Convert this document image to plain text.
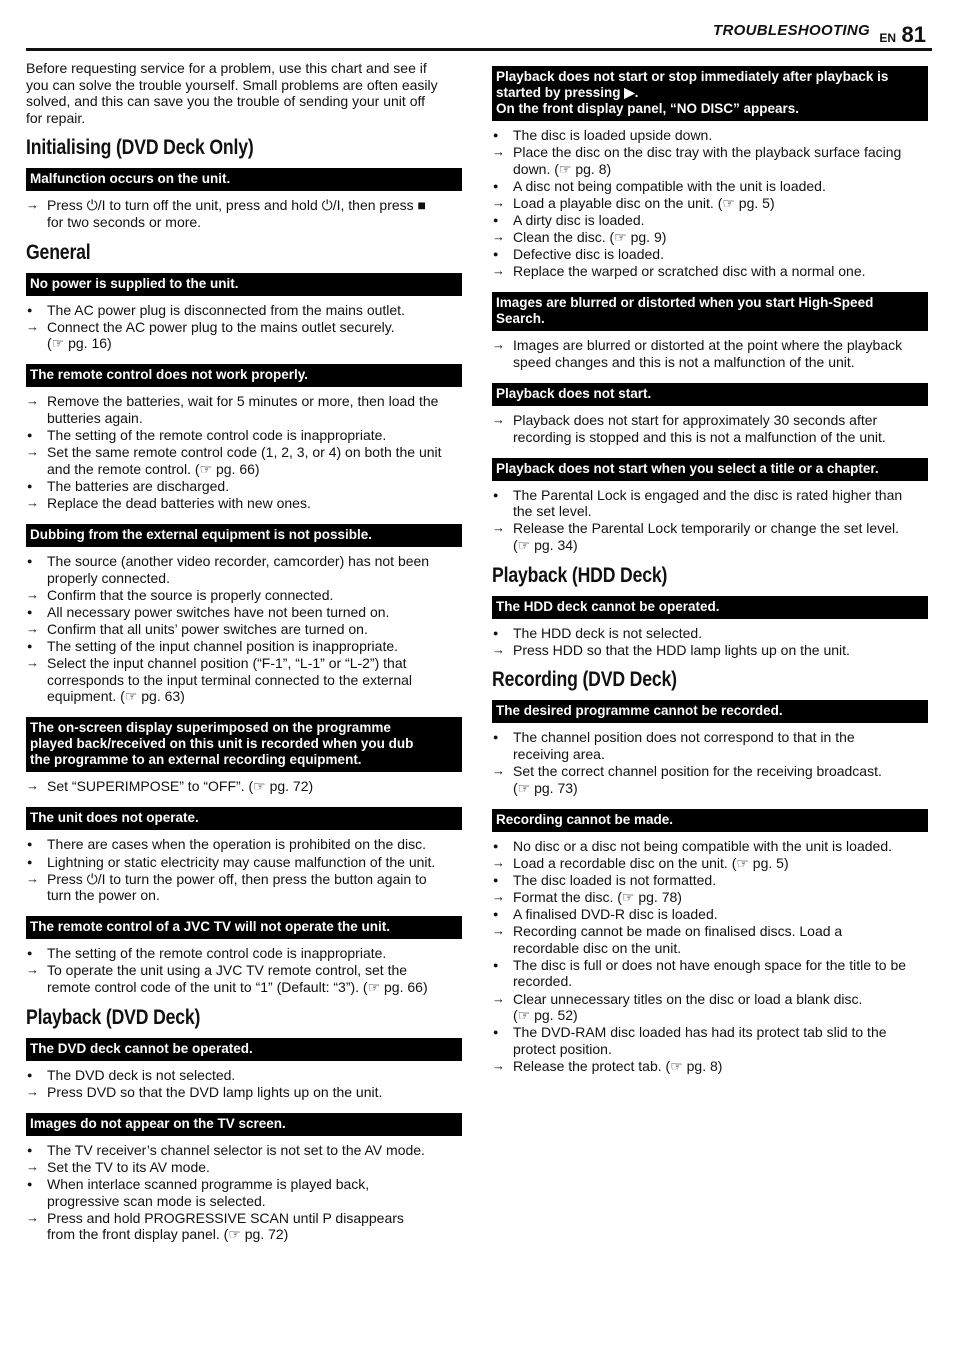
TROUBLESHOOTING EN 81
Before requesting service for a problem, use this chart and see if
you can solve the trouble yourself. Small problems are often easily
solved, and this can save you the trouble of sending your unit off
for repair.
Initialising (DVD Deck Only)
Malfunction occurs on the unit.
→ Press ⏻/I to turn off the unit, press and hold ⏻/I, then press ■
for two seconds or more.
General
No power is supplied to the unit.
●	The AC power plug is disconnected from the mains outlet.
→ Connect the AC power plug to the mains outlet securely.
(☞ pg. 16)
The remote control does not work properly.
→ Remove the batteries, wait for 5 minutes or more, then load the
butteries again.
●	The setting of the remote control code is inappropriate.
→ Set the same remote control code (1, 2, 3, or 4) on both the unit
and the remote control. (☞ pg. 66)
●	The batteries are discharged.
→ Replace the dead batteries with new ones.
Dubbing from the external equipment is not possible.
●	The source (another video recorder, camcorder) has not been
properly connected.
→ Confirm that the source is properly connected.
●	All necessary power switches have not been turned on.
→ Confirm that all units’ power switches are turned on.
●	The setting of the input channel position is inappropriate.
→ Select the input channel position (“F-1”, “L-1” or “L-2”) that
corresponds to the input terminal connected to the external
equipment. (☞ pg. 63)
The on-screen display superimposed on the programme
played back/received on this unit is recorded when you dub
the programme to an external recording equipment.
→ Set “SUPERIMPOSE” to “OFF”. (☞ pg. 72)
The unit does not operate.
●	There are cases when the operation is prohibited on the disc.
●	Lightning or static electricity may cause malfunction of the unit.
→ Press ⏻/I to turn the power off, then press the button again to
turn the power on.
The remote control of a JVC TV will not operate the unit.
●	The setting of the remote control code is inappropriate.
→ To operate the unit using a JVC TV remote control, set the
remote control code of the unit to “1” (Default: “3”). (☞ pg. 66)
Playback (DVD Deck)
The DVD deck cannot be operated.
●	The DVD deck is not selected.
→ Press DVD so that the DVD lamp lights up on the unit.
Images do not appear on the TV screen.
●	The TV receiver’s channel selector is not set to the AV mode.
→ Set the TV to its AV mode.
●	When interlace scanned programme is played back,
progressive scan mode is selected.
→ Press and hold PROGRESSIVE SCAN until P disappears
from the front display panel. (☞ pg. 72)
Playback does not start or stop immediately after playback is
started by pressing ▶.
On the front display panel, “NO DISC” appears.
●	The disc is loaded upside down.
→ Place the disc on the disc tray with the playback surface facing
down. (☞ pg. 8)
●	A disc not being compatible with the unit is loaded.
→ Load a playable disc on the unit. (☞ pg. 5)
●	A dirty disc is loaded.
→ Clean the disc. (☞ pg. 9)
●	Defective disc is loaded.
→ Replace the warped or scratched disc with a normal one.
Images are blurred or distorted when you start High-Speed
Search.
→ Images are blurred or distorted at the point where the playback
speed changes and this is not a malfunction of the unit.
Playback does not start.
→ Playback does not start for approximately 30 seconds after
recording is stopped and this is not a malfunction of the unit.
Playback does not start when you select a title or a chapter.
●	The Parental Lock is engaged and the disc is rated higher than
the set level.
→ Release the Parental Lock temporarily or change the set level.
(☞ pg. 34)
Playback (HDD Deck)
The HDD deck cannot be operated.
●	The HDD deck is not selected.
→ Press HDD so that the HDD lamp lights up on the unit.
Recording (DVD Deck)
The desired programme cannot be recorded.
●	The channel position does not correspond to that in the
receiving area.
→ Set the correct channel position for the receiving broadcast.
(☞ pg. 73)
Recording cannot be made.
●	No disc or a disc not being compatible with the unit is loaded.
→ Load a recordable disc on the unit. (☞ pg. 5)
●	The disc loaded is not formatted.
→ Format the disc. (☞ pg. 78)
●	A finalised DVD-R disc is loaded.
→ Recording cannot be made on finalised discs. Load a
recordable disc on the unit.
●	The disc is full or does not have enough space for the title to be
recorded.
→ Clear unnecessary titles on the disc or load a blank disc.
(☞ pg. 52)
●	The DVD-RAM disc loaded has had its protect tab slid to the
protect position.
→ Release the protect tab. (☞ pg. 8)
